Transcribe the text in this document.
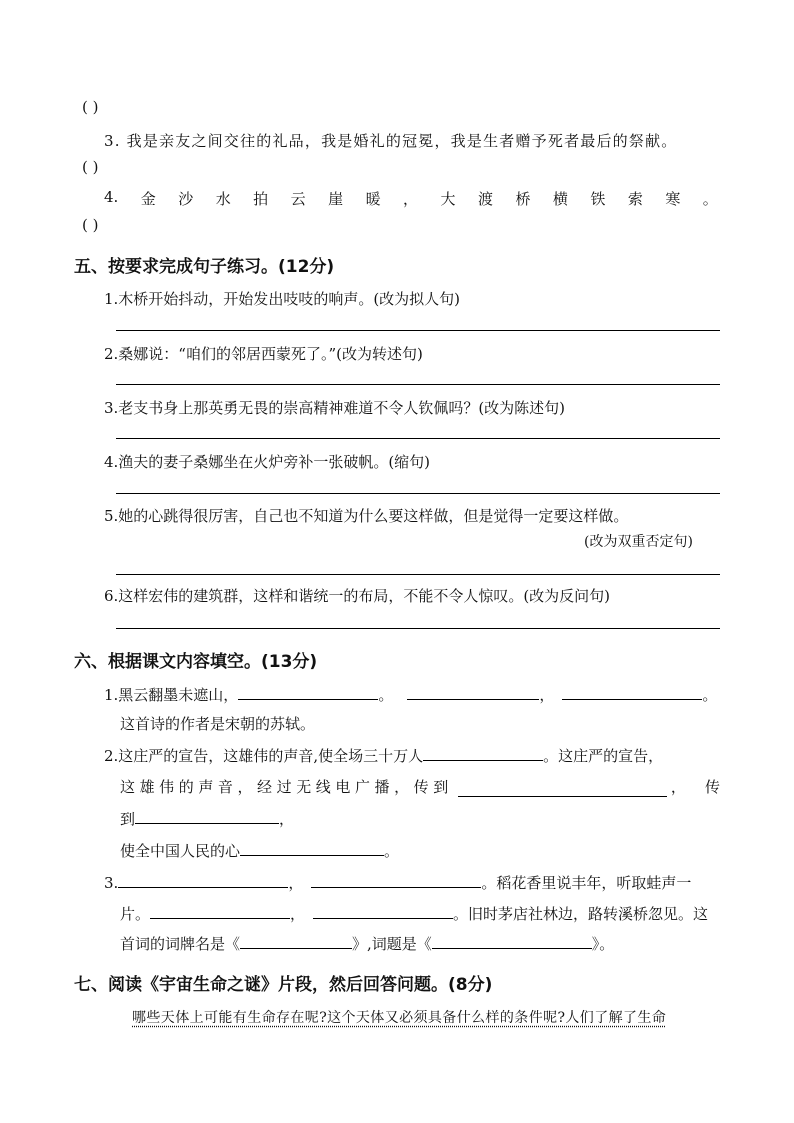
( )
3. 我是亲友之间交往的礼品，我是婚礼的冠冕，我是生者赠予死者最后的祭献。
( )
4. 金 沙 水 拍 云 崖 暖 ， 大 渡 桥 横 铁 索 寒 。
( )
五、按要求完成句子练习。(12分)
1.木桥开始抖动，开始发出吱吱的响声。(改为拟人句)
2.桑娜说：“咱们的邻居西蒙死了。”(改为转述句)
3.老支书身上那英勇无畏的崇高精神难道不令人钦佩吗？(改为陈述句)
4.渔夫的妻子桑娜坐在火炉旁补一张破帆。(缩句)
5.她的心跳得很厉害，自己也不知道为什么要这样做，但是觉得一定要这样做。
(改为双重否定句)
6.这样宏伟的建筑群，这样和谐统一的布局，不能不令人惊叹。(改为反问句)
六、根据课文内容填空。(13分)
1.黑云翻墨未遮山，	。	，	。
这首诗的作者是宋朝的苏轼。
2.这庄严的宣告，这雄伟的声音,使全场三十万人	。这庄严的宣告，
这 雄 伟 的 声 音 ， 经 过 无 线 电 广 播 ， 传 到	，    传
到	，
使全中国人民的心	。
3.	，	。稻花香里说丰年，听取蛙声一
片。	，	。旧时茅店社林边，路转溪桥忽见。这
首词的词牌名是《	》,词题是《	》。
七、阅读《宇宙生命之谜》片段，然后回答问题。(8分)
哪些天体上可能有生命存在呢?这个天体又必须具备什么样的条件呢?人们了解了生命
